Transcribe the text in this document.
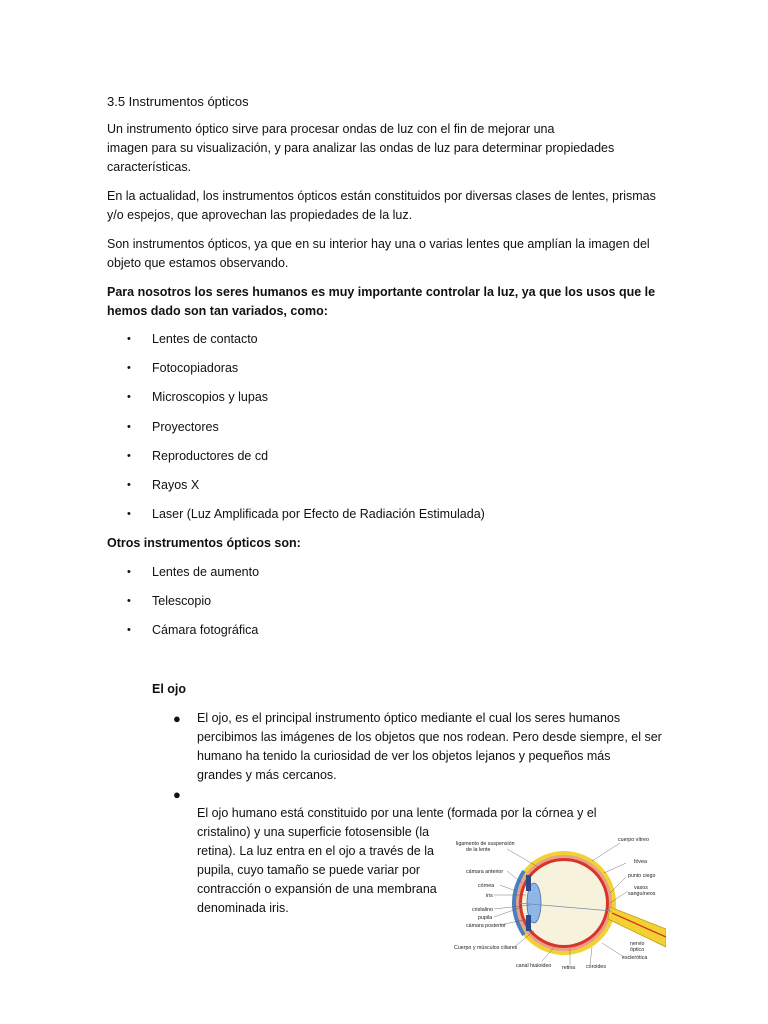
3.5 Instrumentos ópticos
Un instrumento óptico sirve para procesar ondas de luz con el fin de mejorar una
imagen para su visualización, y para analizar las ondas de luz para determinar propiedades
características.
En la actualidad, los instrumentos ópticos están constituidos por diversas clases de lentes, prismas
y/o espejos, que aprovechan las propiedades de la luz.
Son instrumentos ópticos, ya que en su interior hay una o varias lentes que amplían la imagen del
objeto que estamos observando.
Para nosotros los seres humanos es muy importante controlar la luz, ya que los usos que le
hemos dado son tan variados, como:
•	Lentes de contacto
•	Fotocopiadoras
•	Microscopios y lupas
•	Proyectores
•	Reproductores de cd
•	Rayos X
•	Laser (Luz Amplificada por Efecto de Radiación Estimulada)
Otros instrumentos ópticos son:
•	Lentes de aumento
•	Telescopio
•	Cámara fotográfica
El ojo
● El ojo, es el principal instrumento óptico mediante el cual los seres humanos
percibimos las imágenes de los objetos que nos rodean. Pero desde siempre, el ser
humano ha tenido la curiosidad de ver los objetos lejanos y pequeños más
grandes y más cercanos.
●
El ojo humano está constituido por una lente (formada por la córnea y el
cristalino) y una superficie fotosensible (la
retina). La luz entra en el ojo a través de la
pupila, cuyo tamaño se puede variar por
contracción o expansión de una membrana
denominada iris.
ligamento de suspensión
de la lente
cámara anterior
córnea
iris
cristalino
pupila
cámara posterior
Cuerpo y músculos ciliares
canal hialoideo retina coroides
cuerpo vítreo
fóvea
punto ciego
vasos
sanguíneos
nervio
óptico
esclerótica
